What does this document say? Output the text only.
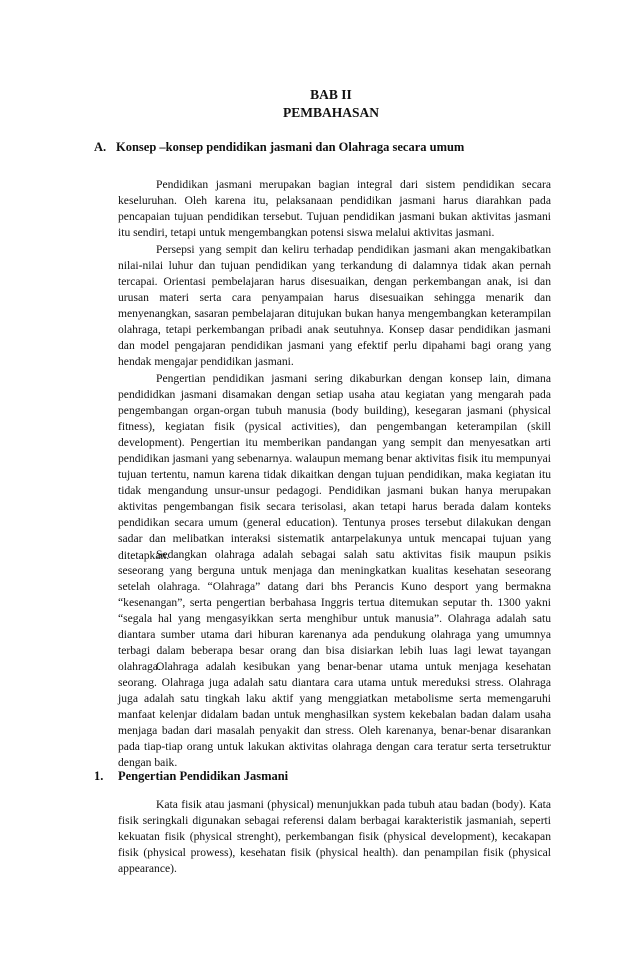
BAB II
PEMBAHASAN
A. Konsep –konsep pendidikan jasmani dan Olahraga secara umum

Pendidikan jasmani merupakan bagian integral dari sistem pendidikan secara keseluruhan. Oleh karena itu, pelaksanaan pendidikan jasmani harus diarahkan pada pencapaian tujuan pendidikan tersebut. Tujuan pendidikan jasmani bukan aktivitas jasmani itu sendiri, tetapi untuk mengembangkan potensi siswa melalui aktivitas jasmani.

Persepsi yang sempit dan keliru terhadap pendidikan jasmani akan mengakibatkan nilai-nilai luhur dan tujuan pendidikan yang terkandung di dalamnya tidak akan pernah tercapai. Orientasi pembelajaran harus disesuaikan, dengan perkembangan anak, isi dan urusan materi serta cara penyampaian harus disesuaikan sehingga menarik dan menyenangkan, sasaran pembelajaran ditujukan bukan hanya mengembangkan keterampilan olahraga, tetapi perkembangan pribadi anak seutuhnya. Konsep dasar pendidikan jasmani dan model pengajaran pendidikan jasmani yang efektif perlu dipahami bagi orang yang hendak mengajar pendidikan jasmani.

Pengertian pendidikan jasmani sering dikaburkan dengan konsep lain, dimana pendididkan jasmani disamakan dengan setiap usaha atau kegiatan yang mengarah pada pengembangan organ-organ tubuh manusia (body building), kesegaran jasmani (physical fitness), kegiatan fisik (pysical activities), dan pengembangan keterampilan (skill development). Pengertian itu memberikan pandangan yang sempit dan menyesatkan arti pendidikan jasmani yang sebenarnya. walaupun memang benar aktivitas fisik itu mempunyai tujuan tertentu, namun karena tidak dikaitkan dengan tujuan pendidikan, maka kegiatan itu tidak mengandung unsur-unsur pedagogi. Pendidikan jasmani bukan hanya merupakan aktivitas pengembangan fisik secara terisolasi, akan tetapi harus berada dalam konteks pendidikan secara umum (general education). Tentunya proses tersebut dilakukan dengan sadar dan melibatkan interaksi sistematik antarpelakunya untuk mencapai tujuan yang ditetapkan.

Sedangkan olahraga adalah sebagai salah satu aktivitas fisik maupun psikis seseorang yang berguna untuk menjaga dan meningkatkan kualitas kesehatan seseorang setelah olahraga. “Olahraga” datang dari bhs Perancis Kuno desport yang bermakna “kesenangan”, serta pengertian berbahasa Inggris tertua ditemukan seputar th. 1300 yakni “segala hal yang mengasyikkan serta menghibur untuk manusia”. Olahraga adalah satu diantara sumber utama dari hiburan karenanya ada pendukung olahraga yang umumnya terbagi dalam beberapa besar orang dan bisa disiarkan lebih luas lagi lewat tayangan olahraga.

Olahraga adalah kesibukan yang benar-benar utama untuk menjaga kesehatan seorang. Olahraga juga adalah satu diantara cara utama untuk mereduksi stress. Olahraga juga adalah satu tingkah laku aktif yang menggiatkan metabolisme serta memengaruhi manfaat kelenjar didalam badan untuk menghasilkan system kekebalan badan dalam usaha menjaga badan dari masalah penyakit dan stress. Oleh karenanya, benar-benar disarankan pada tiap-tiap orang untuk lakukan aktivitas olahraga dengan cara teratur serta tersetruktur dengan baik.

1. Pengertian Pendidikan Jasmani

Kata fisik atau jasmani (physical) menunjukkan pada tubuh atau badan (body). Kata fisik seringkali digunakan sebagai referensi dalam berbagai karakteristik jasmaniah, seperti kekuatan fisik (physical strenght), perkembangan fisik (physical development), kecakapan fisik (physical prowess), kesehatan fisik (physical health). dan penampilan fisik (physical appearance).
